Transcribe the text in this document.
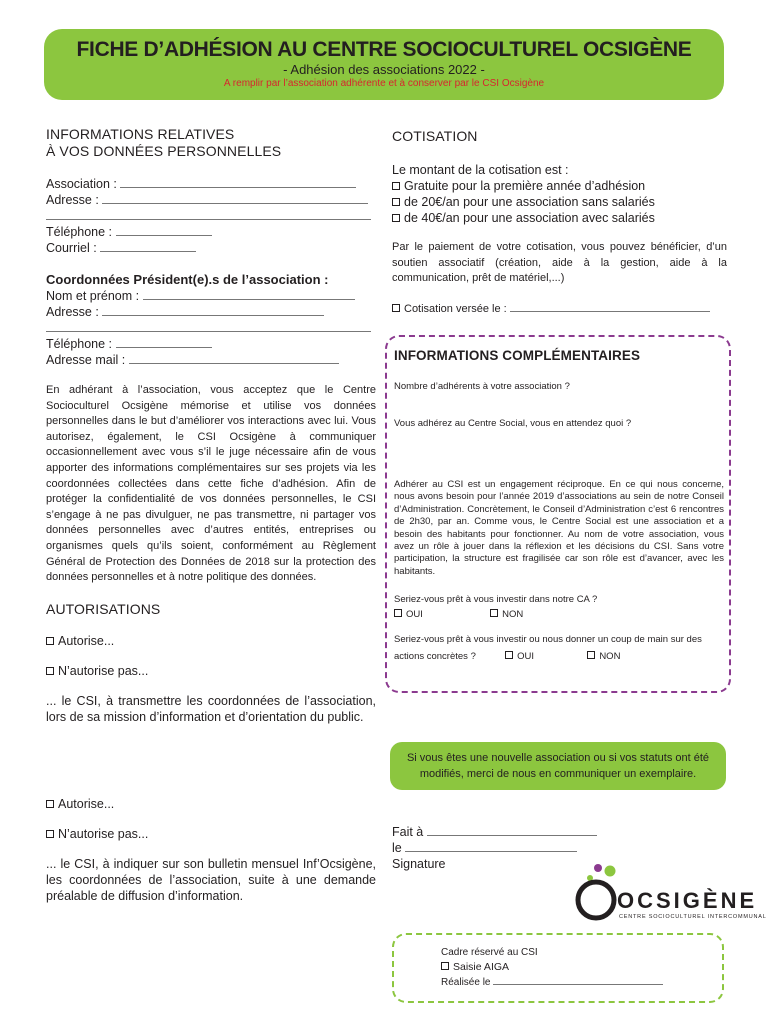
FICHE D’ADHÉSION AU CENTRE SOCIOCULTUREL OCSIGÈNE
- Adhésion des associations 2022 -
A remplir par l’association adhérente et à conserver par le CSI Ocsigène
INFORMATIONS RELATIVES
À VOS DONNÉES PERSONNELLES
Association :
Adresse :
Téléphone :
Courriel :
Coordonnées Président(e).s de l’association :
Nom et prénom :
Adresse :
Téléphone :
Adresse mail :
En adhérant à l’association, vous acceptez que le Centre Socioculturel Ocsigène mémorise et utilise vos données personnelles dans le but d’améliorer vos interactions avec lui. Vous autorisez, également, le CSI Ocsigène à communiquer occasionnellement avec vous s’il le juge nécessaire afin de vous apporter des informations complémentaires sur ses projets via les coordonnées collectées dans cette fiche d’adhésion. Afin de protéger la confidentialité de vos données personnelles, le CSI s’engage à ne pas divulguer, ne pas transmettre, ni partager vos données personnelles avec d’autres entités, entreprises ou organismes quels qu’ils soient, conformément au Règlement Général de Protection des Données de 2018 sur la protection des données personnelles et à notre politique des données.
AUTORISATIONS
Autorise...
N’autorise pas...
... le CSI, à transmettre les coordonnées de l’association, lors de sa mission d’information et d’orientation du public.
Autorise...
N’autorise pas...
... le CSI, à indiquer sur son bulletin mensuel Inf’Ocsigène, les coordonnées de l’association, suite à une demande préalable de diffusion d’information.
COTISATION
Le montant de la cotisation est :
Gratuite pour la première année d’adhésion
de 20€/an pour une association sans salariés
de 40€/an pour une association avec salariés
Par le paiement de votre cotisation, vous pouvez bénéficier, d’un soutien associatif (création, aide à la gestion, aide à la communication, prêt de matériel,...)
Cotisation versée le :
INFORMATIONS COMPLÉMENTAIRES
Nombre d’adhérents à votre association ?
Vous adhérez au Centre Social, vous en attendez quoi ?
Adhérer au CSI est un engagement réciproque. En ce qui nous concerne, nous avons besoin pour l’année 2019 d’associations au sein de notre Conseil d’Administration. Concrètement, le Conseil d’Administration c’est 6 rencontres de 2h30, par an. Comme vous, le Centre Social est une association et a besoin des habitants pour fonctionner. Au nom de votre association, vous avez un rôle à jouer dans la réflexion et les décisions du CSI. Sans votre participation, la structure est fragilisée car son rôle est d’avancer, avec les habitants.
Seriez-vous prêt à vous investir dans notre CA ?
OUI	NON
Seriez-vous prêt à vous investir ou nous donner un coup de main sur des actions concrètes ?	OUI	NON
Si vous êtes une nouvelle association ou si vos statuts ont été modifiés, merci de nous en communiquer un exemplaire.
Fait à
le
Signature
OCSIGÈNE
CENTRE SOCIOCULTUREL INTERCOMMUNAL
Cadre réservé au CSI
Saisie AIGA
Réalisée le
